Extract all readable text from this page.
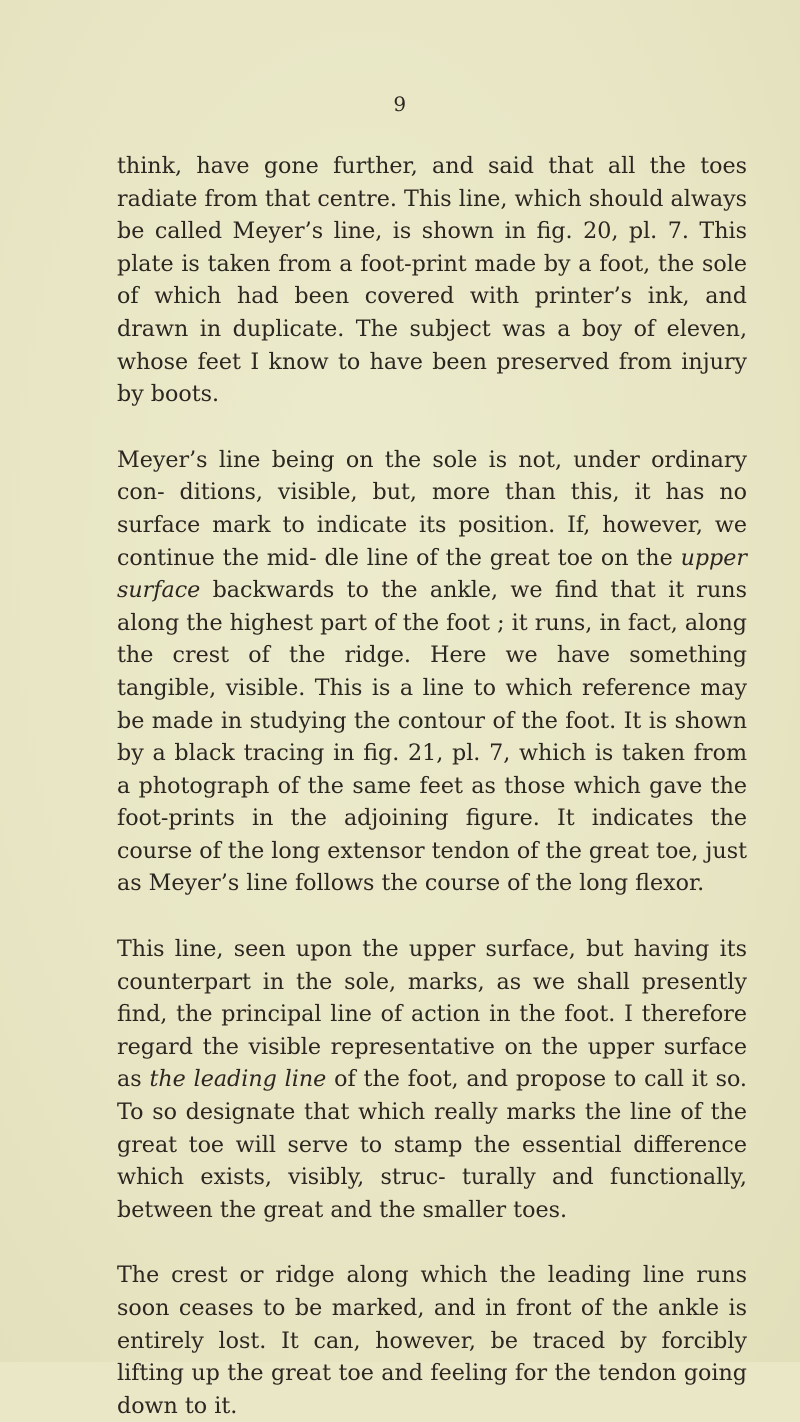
9

think, have gone further, and said that all the toes radiate from that centre. This line, which should always be called Meyer’s line, is shown in fig. 20, pl. 7. This plate is taken from a foot-print made by a foot, the sole of which had been covered with printer’s ink, and drawn in duplicate. The subject was a boy of eleven, whose feet I know to have been preserved from injury by boots.

Meyer’s line being on the sole is not, under ordinary con- ditions, visible, but, more than this, it has no surface mark to indicate its position. If, however, we continue the mid- dle line of the great toe on the upper surface backwards to the ankle, we find that it runs along the highest part of the foot ; it runs, in fact, along the crest of the ridge. Here we have something tangible, visible. This is a line to which reference may be made in studying the contour of the foot. It is shown by a black tracing in fig. 21, pl. 7, which is taken from a photograph of the same feet as those which gave the foot-prints in the adjoining figure. It indicates the course of the long extensor tendon of the great toe, just as Meyer’s line follows the course of the long flexor.

This line, seen upon the upper surface, but having its counterpart in the sole, marks, as we shall presently find, the principal line of action in the foot. I therefore regard the visible representative on the upper surface as the leading line of the foot, and propose to call it so. To so designate that which really marks the line of the great toe will serve to stamp the essential difference which exists, visibly, struc- turally and functionally, between the great and the smaller toes.

The crest or ridge along which the leading line runs soon ceases to be marked, and in front of the ankle is entirely lost. It can, however, be traced by forcibly lifting up the great toe and feeling for the tendon going down to it.
